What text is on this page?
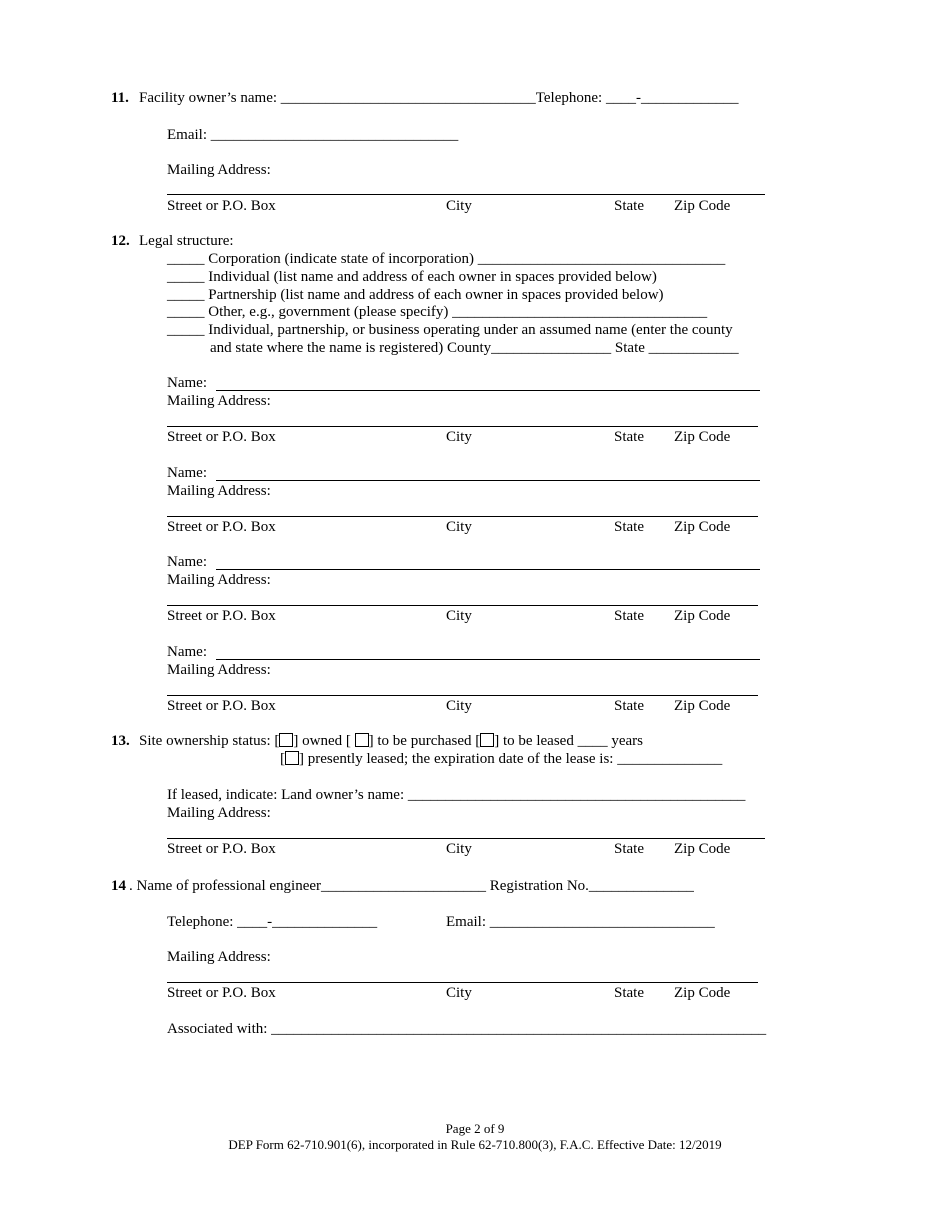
11. Facility owner’s name: __________________________________Telephone: ____-_____________
Email: _________________________________
Mailing Address:
Street or P.O. Box	City	State Zip Code
12. Legal structure:
_____ Corporation (indicate state of incorporation) _________________________________
_____ Individual (list name and address of each owner in spaces provided below)
_____ Partnership (list name and address of each owner in spaces provided below)
_____ Other, e.g., government (please specify) __________________________________
_____ Individual, partnership, or business operating under an assumed name (enter the county
and state where the name is registered) County________________ State ____________
Name:
Mailing Address:
Street or P.O. Box	City	State Zip Code
Name:
Mailing Address:
Street or P.O. Box	City	State Zip Code
Name:
Mailing Address:
Street or P.O. Box	City	State Zip Code
Name:
Mailing Address:
Street or P.O. Box	City	State Zip Code
13. Site ownership status: [ ] owned [ ] to be purchased [ ] to be leased ____ years
[ ] presently leased; the expiration date of the lease is: ______________
If leased, indicate: Land owner’s name: _____________________________________________
Mailing Address:
Street or P.O. Box	City	State Zip Code
14 . Name of professional engineer______________________ Registration No.______________
Telephone: ____-______________	Email: ______________________________
Mailing Address:
Street or P.O. Box	City	State Zip Code
Associated with: __________________________________________________________________
Page 2 of 9
DEP Form 62-710.901(6), incorporated in Rule 62-710.800(3), F.A.C. Effective Date: 12/2019
